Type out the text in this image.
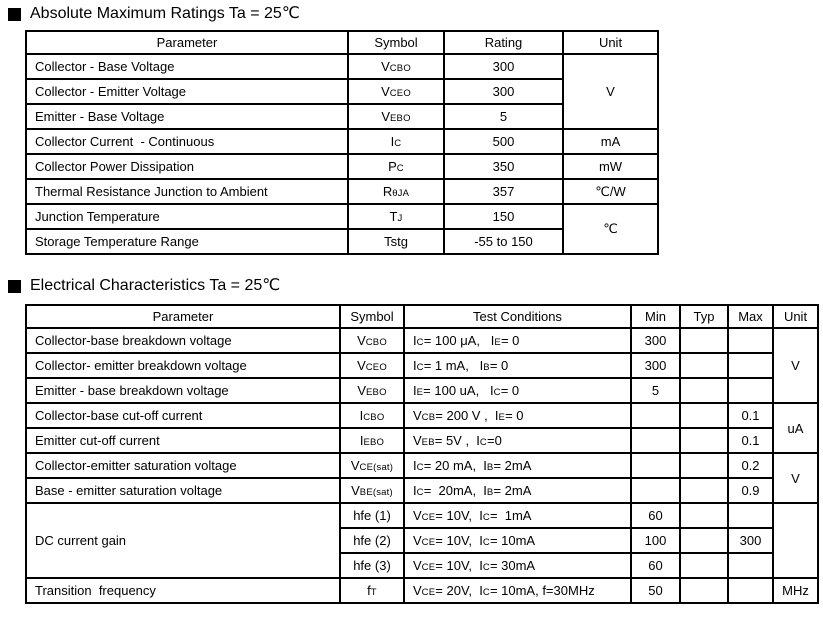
Absolute Maximum Ratings Ta = 25℃
Parameter	Symbol	Rating	Unit
Collector - Base Voltage	VCBO	300	V
Collector - Emitter Voltage	VCEO	300	
Emitter - Base Voltage	VEBO	5	
Collector Current  - Continuous	IC	500	mA
Collector Power Dissipation	PC	350	mW
Thermal Resistance Junction to Ambient	RθJA	357	℃/W
Junction Temperature	TJ	150	℃
Storage Temperature Range	Tstg	-55 to 150	
Electrical Characteristics Ta = 25℃
Parameter	Symbol	Test Conditions	Min	Typ	Max	Unit
Collector-base breakdown voltage	VCBO	IC= 100 μA,   IE= 0	300			V
Collector- emitter breakdown voltage	VCEO	IC= 1 mA,   IB= 0	300			
Emitter - base breakdown voltage	VEBO	IE= 100 uA,   IC= 0	5			
Collector-base cut-off current	ICBO	VCB= 200 V ,  IE= 0			0.1	uA
Emitter cut-off current	IEBO	VEB= 5V ,  IC=0			0.1	
Collector-emitter saturation voltage	VCE(sat)	IC= 20 mA,  IB= 2mA			0.2	V
Base - emitter saturation voltage	VBE(sat)	IC=  20mA,  IB= 2mA			0.9	
DC current gain	hfe (1)	VCE= 10V,  IC=  1mA	60			
	hfe (2)	VCE= 10V,  IC= 10mA	100		300	
	hfe (3)	VCE= 10V,  IC= 30mA	60			
Transition  frequency	fT	VCE= 20V,  IC= 10mA, f=30MHz	50			MHz
